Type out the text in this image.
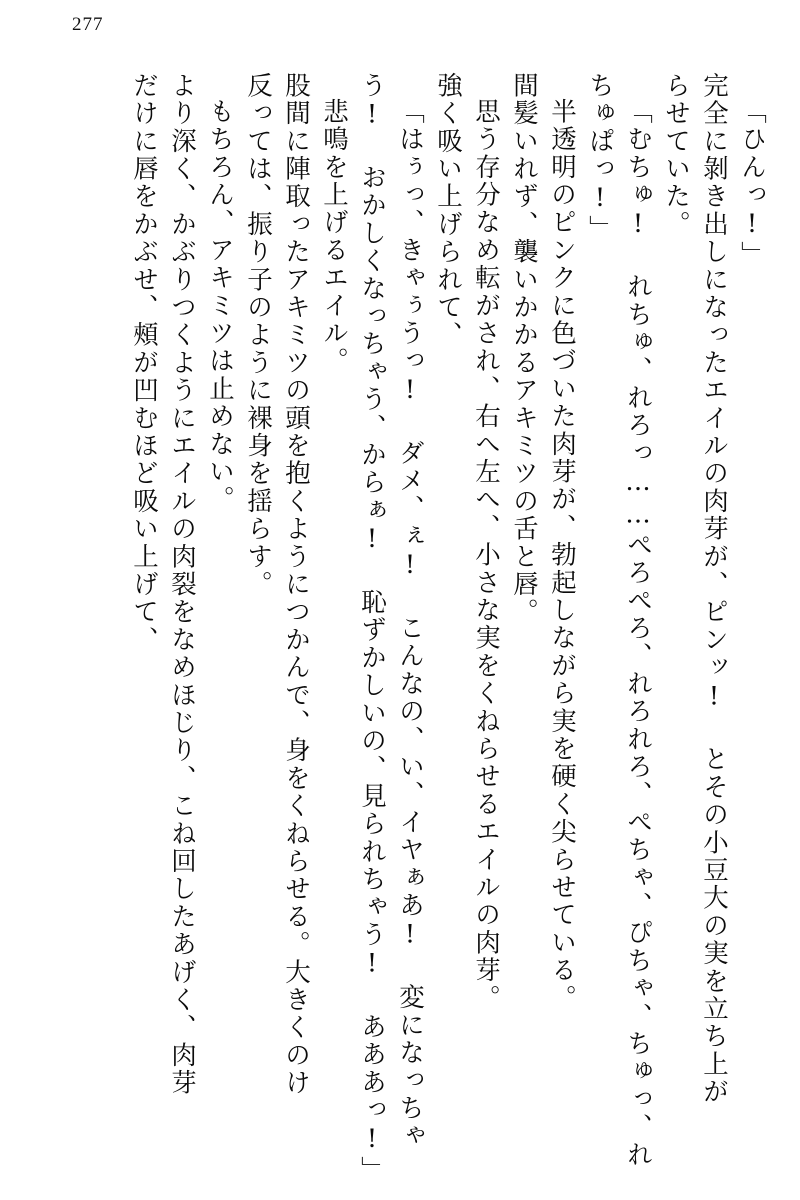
277
「ひんっ!」
完全に剝き出しになったエイルの肉芽が、ピンッ! とその小豆大の実を立ち上が
らせていた。
「むちゅ! れちゅ、れろっ……ぺろぺろ、れろれろ、ぺちゃ、ぴちゃ、ちゅっ、れ
ちゅぱっ!」
半透明のピンクに色づいた肉芽が、勃起しながら実を硬く尖らせている。
間髪いれず、襲いかかるアキミツの舌と唇。
思う存分なめ転がされ、右へ左へ、小さな実をくねらせるエイルの肉芽。
強く吸い上げられて、
「はぅっ、きゃぅうっ! ダメ、ぇ! こんなの、い、イヤぁあ! 変になっちゃ
う! おかしくなっちゃう、からぁ! 恥ずかしいの、見られちゃう! あああっ!」
悲鳴を上げるエイル。
股間に陣取ったアキミツの頭を抱くようにつかんで、身をくねらせる。大きくのけ
反っては、振り子のように裸身を揺らす。
もちろん、アキミツは止めない。
より深く、かぶりつくようにエイルの肉裂をなめほじり、こね回したあげく、肉芽
だけに唇をかぶせ、頰が凹むほど吸い上げて、
